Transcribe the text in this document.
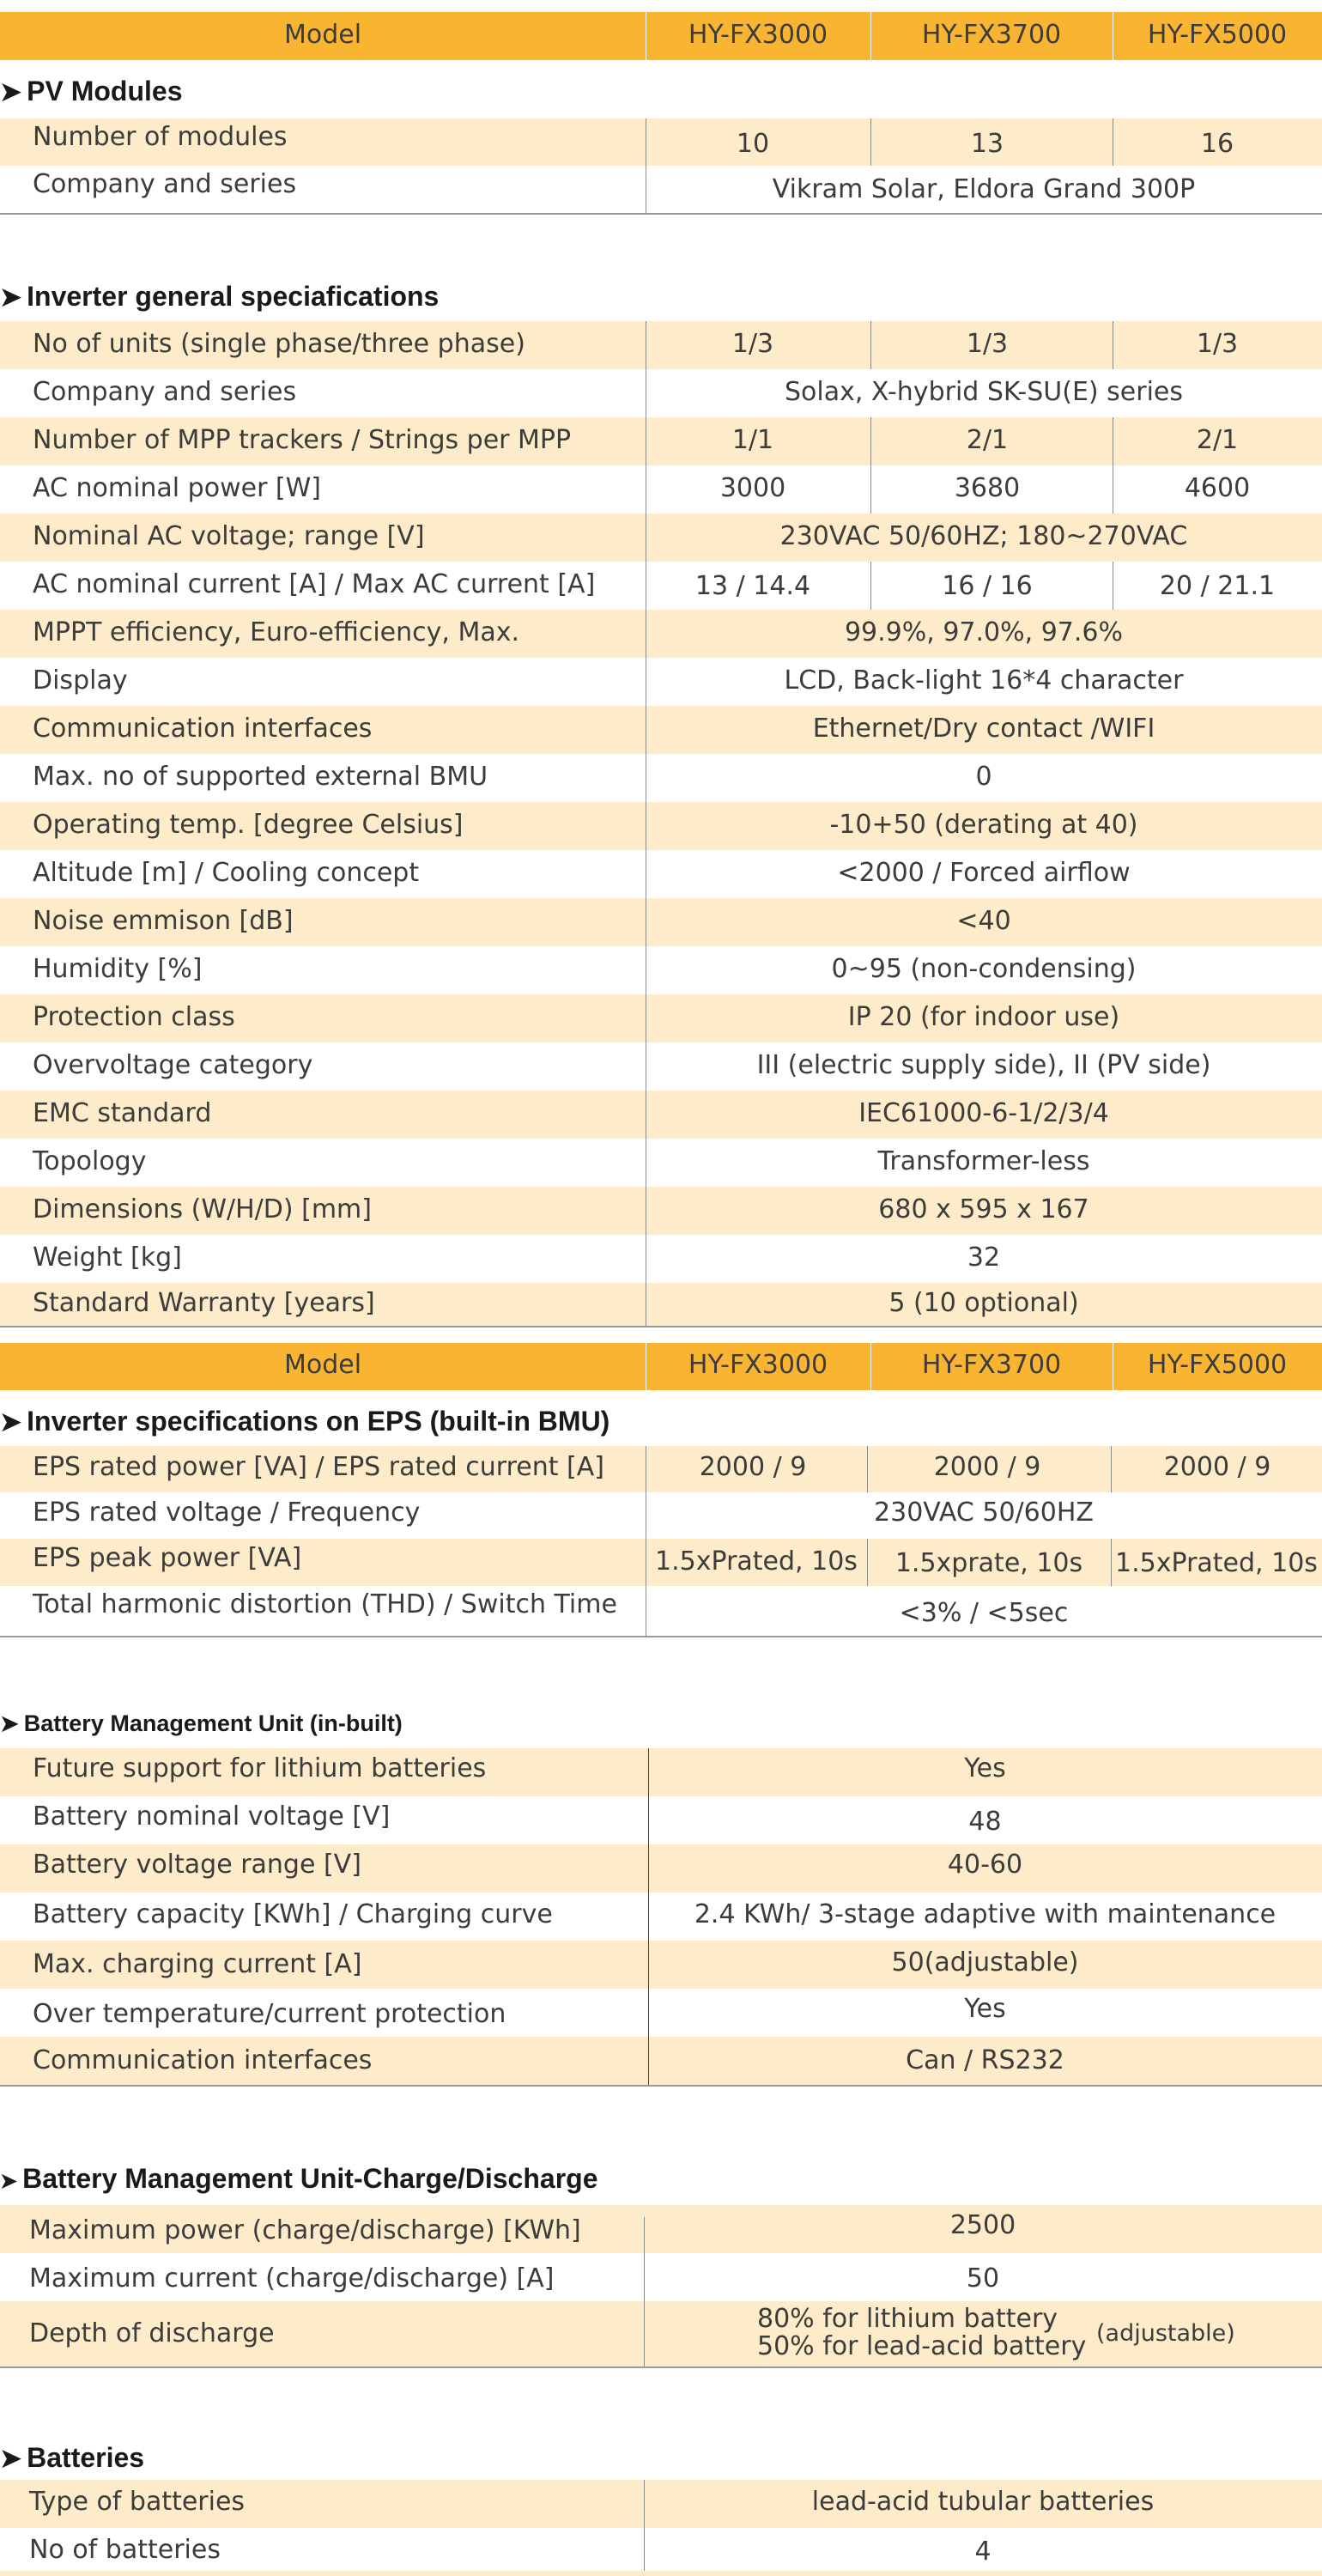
Model	HY-FX3000	HY-FX3700	HY-FX5000
➤ PV Modules
Number of modules	10	13	16
Company and series	Vikram Solar, Eldora Grand 300P
➤ Inverter general speciafications
No of units (single phase/three phase)	1/3	1/3	1/3
Company and series	Solax, X-hybrid SK-SU(E) series
Number of MPP trackers / Strings per MPP	1/1	2/1	2/1
AC nominal power [W]	3000	3680	4600
Nominal AC voltage; range [V]	230VAC 50/60HZ; 180~270VAC
AC nominal current [A] / Max AC current [A]	13 / 14.4	16 / 16	20 / 21.1
MPPT efficiency, Euro-efficiency, Max.	99.9%, 97.0%, 97.6%
Display	LCD, Back-light 16*4 character
Communication interfaces	Ethernet/Dry contact /WIFI
Max. no of supported external BMU	0
Operating temp. [degree Celsius]	-10+50 (derating at 40)
Altitude [m] / Cooling concept	<2000 / Forced airflow
Noise emmison [dB]	<40
Humidity [%]	0~95 (non-condensing)
Protection class	IP 20 (for indoor use)
Overvoltage category	III (electric supply side), II (PV side)
EMC standard	IEC61000-6-1/2/3/4
Topology	Transformer-less
Dimensions (W/H/D) [mm]	680 x 595 x 167
Weight [kg]	32
Standard Warranty [years]	5 (10 optional)
Model	HY-FX3000	HY-FX3700	HY-FX5000
➤ Inverter specifications on EPS (built-in BMU)
EPS rated power [VA] / EPS rated current [A]	2000 / 9	2000 / 9	2000 / 9
EPS rated voltage / Frequency	230VAC 50/60HZ
EPS peak power [VA]	1.5xPrated, 10s	1.5xprate, 10s	1.5xPrated, 10s
Total harmonic distortion (THD) / Switch Time	<3% / <5sec
➤ Battery Management Unit (in-built)
Future support for lithium batteries	Yes
Battery nominal voltage [V]	48
Battery voltage range [V]	40-60
Battery capacity [KWh] / Charging curve	2.4 KWh/ 3-stage adaptive with maintenance
Max. charging current [A]	50(adjustable)
Over temperature/current protection	Yes
Communication interfaces	Can / RS232
➤ Battery Management Unit-Charge/Discharge
Maximum power (charge/discharge) [KWh]	2500
Maximum current (charge/discharge) [A]	50
Depth of discharge	80% for lithium battery
50% for lead-acid battery (adjustable)
➤ Batteries
Type of batteries	lead-acid tubular batteries
No of batteries	4
